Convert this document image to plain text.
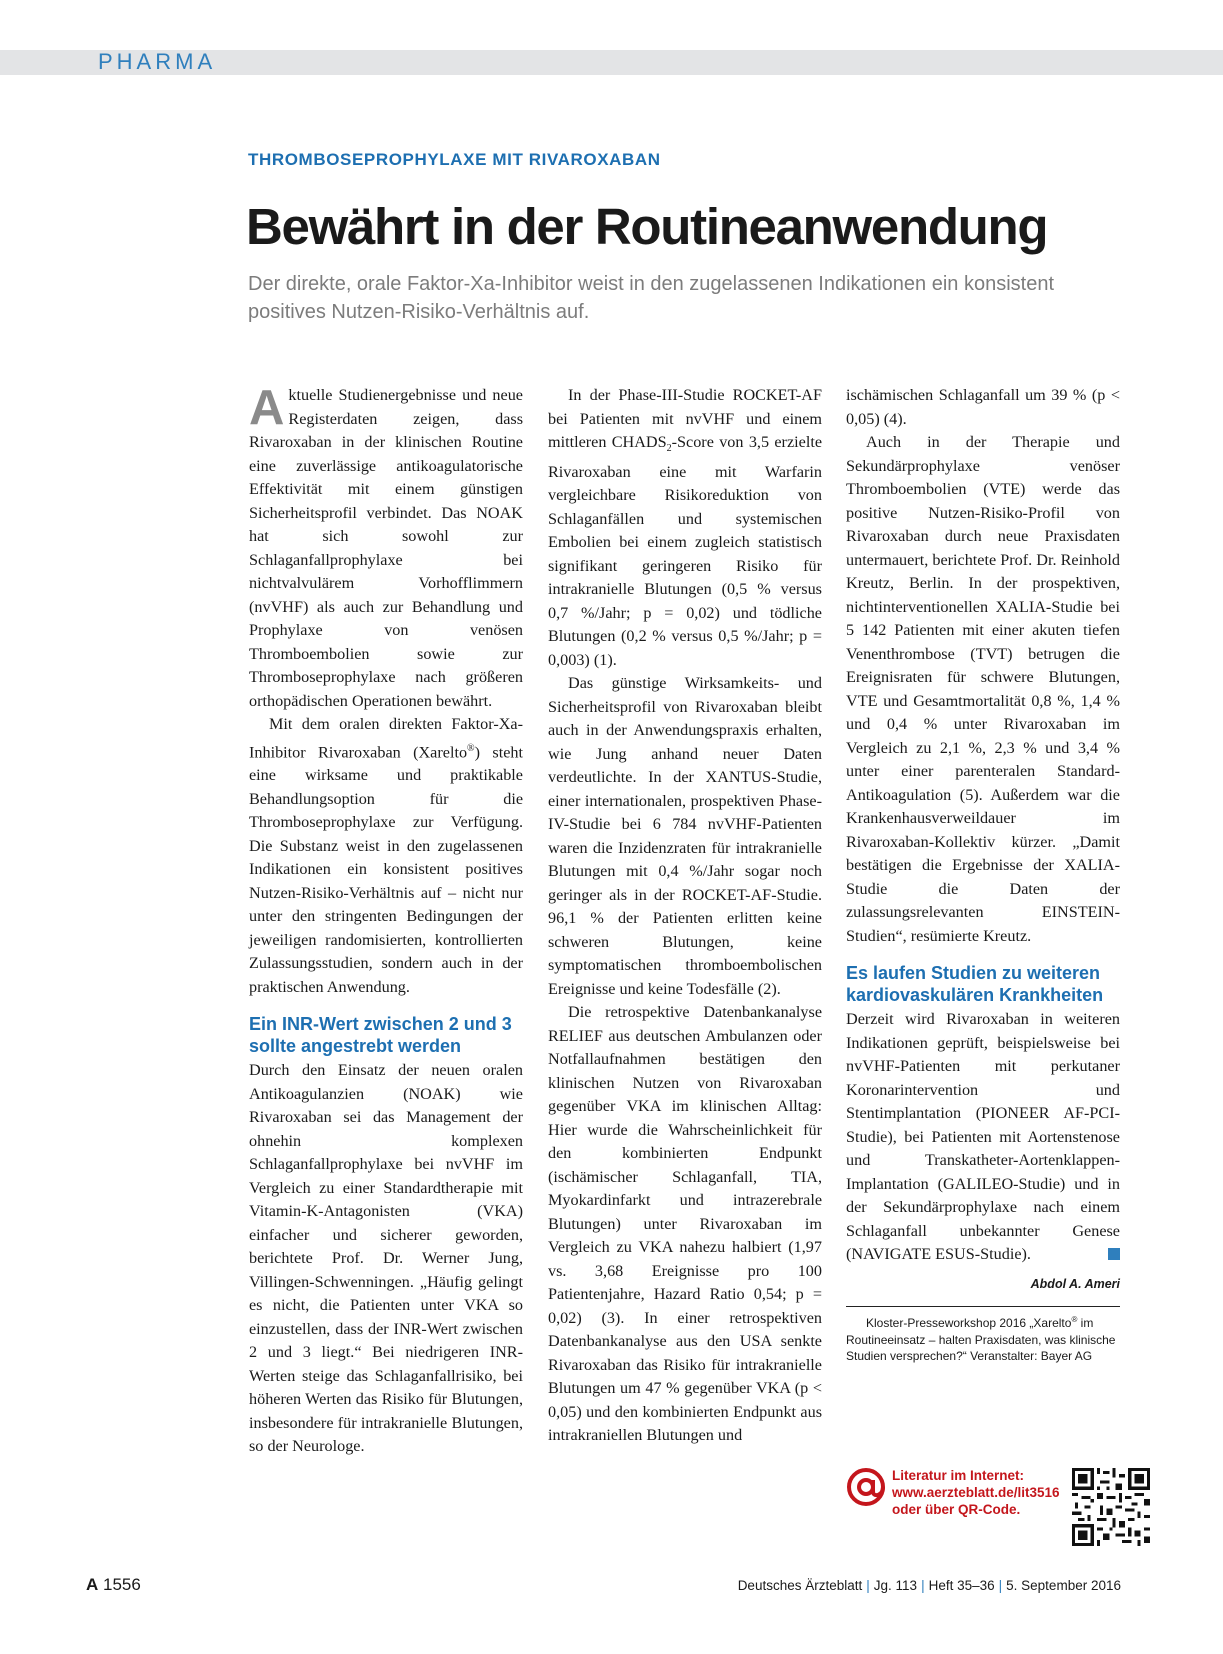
PHARMA
THROMBOSEPROPHYLAXE MIT RIVAROXABAN
Bewährt in der Routineanwendung

Der direkte, orale Faktor-Xa-Inhibitor weist in den zugelassenen Indikationen ein konsistent positives Nutzen-Risiko-Verhältnis auf.

Aktuelle Studienergebnisse und neue Registerdaten zeigen, dass Rivaroxaban in der klinischen Routine eine zuverlässige antikoagulatorische Effektivität mit einem günstigen Sicherheitsprofil verbindet. Das NOAK hat sich sowohl zur Schlaganfallprophylaxe bei nichtvalvulärem Vorhofflimmern (nvVHF) als auch zur Behandlung und Prophylaxe von venösen Thromboembolien sowie zur Thromboseprophylaxe nach größeren orthopädischen Operationen bewährt.

Mit dem oralen direkten Faktor-Xa-Inhibitor Rivaroxaban (Xarelto®) steht eine wirksame und praktikable Behandlungsoption für die Thromboseprophylaxe zur Verfügung. Die Substanz weist in den zugelassenen Indikationen ein konsistent positives Nutzen-Risiko-Verhältnis auf – nicht nur unter den stringenten Bedingungen der jeweiligen randomisierten, kontrollierten Zulassungsstudien, sondern auch in der praktischen Anwendung.

Ein INR-Wert zwischen 2 und 3 sollte angestrebt werden

Durch den Einsatz der neuen oralen Antikoagulanzien (NOAK) wie Rivaroxaban sei das Management der ohnehin komplexen Schlaganfallprophylaxe bei nvVHF im Vergleich zu einer Standardtherapie mit Vitamin-K-Antagonisten (VKA) einfacher und sicherer geworden, berichtete Prof. Dr. Werner Jung, Villingen-Schwenningen. „Häufig gelingt es nicht, die Patienten unter VKA so einzustellen, dass der INR-Wert zwischen 2 und 3 liegt.“ Bei niedrigeren INR-Werten steige das Schlaganfallrisiko, bei höheren Werten das Risiko für Blutungen, insbesondere für intrakranielle Blutungen, so der Neurologe.

In der Phase-III-Studie ROCKET-AF bei Patienten mit nvVHF und einem mittleren $CHADS_2$-Score von 3,5 erzielte Rivaroxaban eine mit Warfarin vergleichbare Risikoreduktion von Schlaganfällen und systemischen Embolien bei einem zugleich statistisch signifikant geringeren Risiko für intrakranielle Blutungen (0,5 % versus 0,7 %/Jahr; p = 0,02) und tödliche Blutungen (0,2 % versus 0,5 %/Jahr; p = 0,003) (1).

Das günstige Wirksamkeits- und Sicherheitsprofil von Rivaroxaban bleibt auch in der Anwendungspraxis erhalten, wie Jung anhand neuer Daten verdeutlichte. In der XANTUS-Studie, einer internationalen, prospektiven Phase-IV-Studie bei 6 784 nvVHF-Patienten waren die Inzidenzraten für intrakranielle Blutungen mit 0,4 %/Jahr sogar noch geringer als in der ROCKET-AF-Studie. 96,1 % der Patienten erlitten keine schweren Blutungen, keine symptomatischen thromboembolischen Ereignisse und keine Todesfälle (2).

Die retrospektive Datenbankanalyse RELIEF aus deutschen Ambulanzen oder Notfallaufnahmen bestätigen den klinischen Nutzen von Rivaroxaban gegenüber VKA im klinischen Alltag: Hier wurde die Wahrscheinlichkeit für den kombinierten Endpunkt (ischämischer Schlaganfall, TIA, Myokardinfarkt und intrazerebrale Blutungen) unter Rivaroxaban im Vergleich zu VKA nahezu halbiert (1,97 vs. 3,68 Ereignisse pro 100 Patientenjahre, Hazard Ratio 0,54; p = 0,02) (3). In einer retrospektiven Datenbankanalyse aus den USA senkte Rivaroxaban das Risiko für intrakranielle Blutungen um 47 % gegenüber VKA (p < 0,05) und den kombinierten Endpunkt aus intrakraniellen Blutungen und

ischämischen Schlaganfall um 39 % (p < 0,05) (4).

Auch in der Therapie und Sekundärprophylaxe venöser Thromboembolien (VTE) werde das positive Nutzen-Risiko-Profil von Rivaroxaban durch neue Praxisdaten untermauert, berichtete Prof. Dr. Reinhold Kreutz, Berlin. In der prospektiven, nichtinterventionellen XALIA-Studie bei 5 142 Patienten mit einer akuten tiefen Venenthrombose (TVT) betrugen die Ereignisraten für schwere Blutungen, VTE und Gesamtmortalität 0,8 %, 1,4 % und 0,4 % unter Rivaroxaban im Vergleich zu 2,1 %, 2,3 % und 3,4 % unter einer parenteralen Standard-Antikoagulation (5). Außerdem war die Krankenhausverweildauer im Rivaroxaban-Kollektiv kürzer. „Damit bestätigen die Ergebnisse der XALIA-Studie die Daten der zulassungsrelevanten EINSTEIN-Studien“, resümierte Kreutz.

Es laufen Studien zu weiteren kardiovaskulären Krankheiten

Derzeit wird Rivaroxaban in weiteren Indikationen geprüft, beispielsweise bei nvVHF-Patienten mit perkutaner Koronarintervention und Stentimplantation (PIONEER AF-PCI-Studie), bei Patienten mit Aortenstenose und Transkatheter-Aortenklappen-Implantation (GALILEO-Studie) und in der Sekundärprophylaxe nach einem Schlaganfall unbekannter Genese (NAVIGATE ESUS-Studie).

Abdol A. Ameri

Kloster-Presseworkshop 2016 „Xarelto® im Routineeinsatz – halten Praxisdaten, was klinische Studien versprechen?“ Veranstalter: Bayer AG

Literatur im Internet:
www.aerzteblatt.de/lit3516
oder über QR-Code.
A 1556	Deutsches Ärzteblatt | Jg. 113 | Heft 35–36 | 5. September 2016
